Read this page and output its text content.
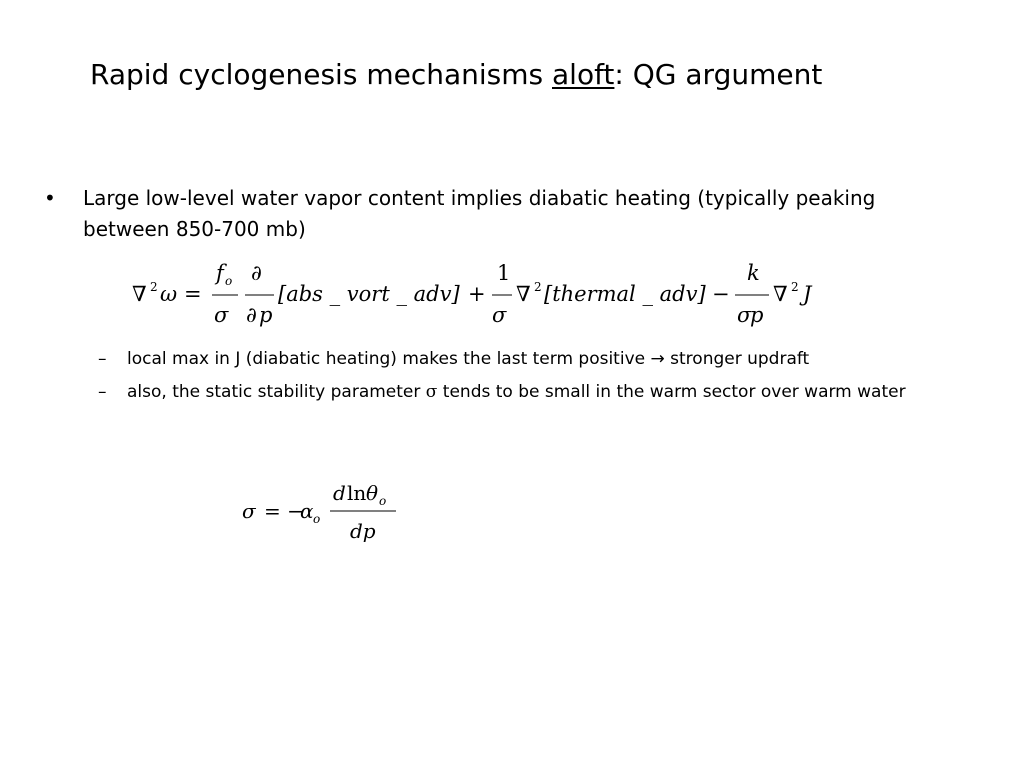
Rapid cyclogenesis mechanisms aloft: QG argument
• Large low-level water vapor content implies diabatic heating (typically peaking between 850-700 mb)
∇ 2 ω =
f o
σ
∂
∂ p
[abs _ vort _ adv] +
1
σ
∇ 2 [thermal _ adv] −
k
σ
p
∇ 2 J
– local max in J (diabatic heating) makes the last term positive → stronger updraft
– also, the static stability parameter σ tends to be small in the warm sector over warm water
σ = −
α o
d ln θ o
dp
